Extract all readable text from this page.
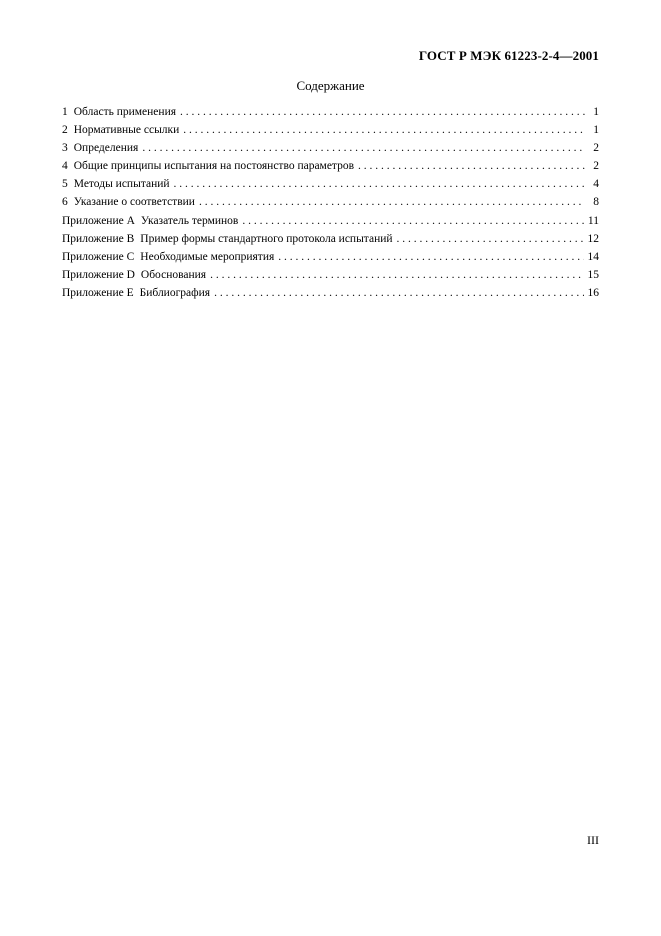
ГОСТ Р МЭК 61223-2-4—2001
Содержание
1 Область применения . . .	1
2 Нормативные ссылки . . .	1
3 Определения . . .	2
4 Общие принципы испытания на постоянство параметров . . .	2
5 Методы испытаний . . .	4
6 Указание о соответствии . . .	8
Приложение А Указатель терминов . . .	11
Приложение В Пример формы стандартного протокола испытаний . . .	12
Приложение С Необходимые мероприятия . . .	14
Приложение D Обоснования . . .	15
Приложение Е Библиография . . .	16
III
